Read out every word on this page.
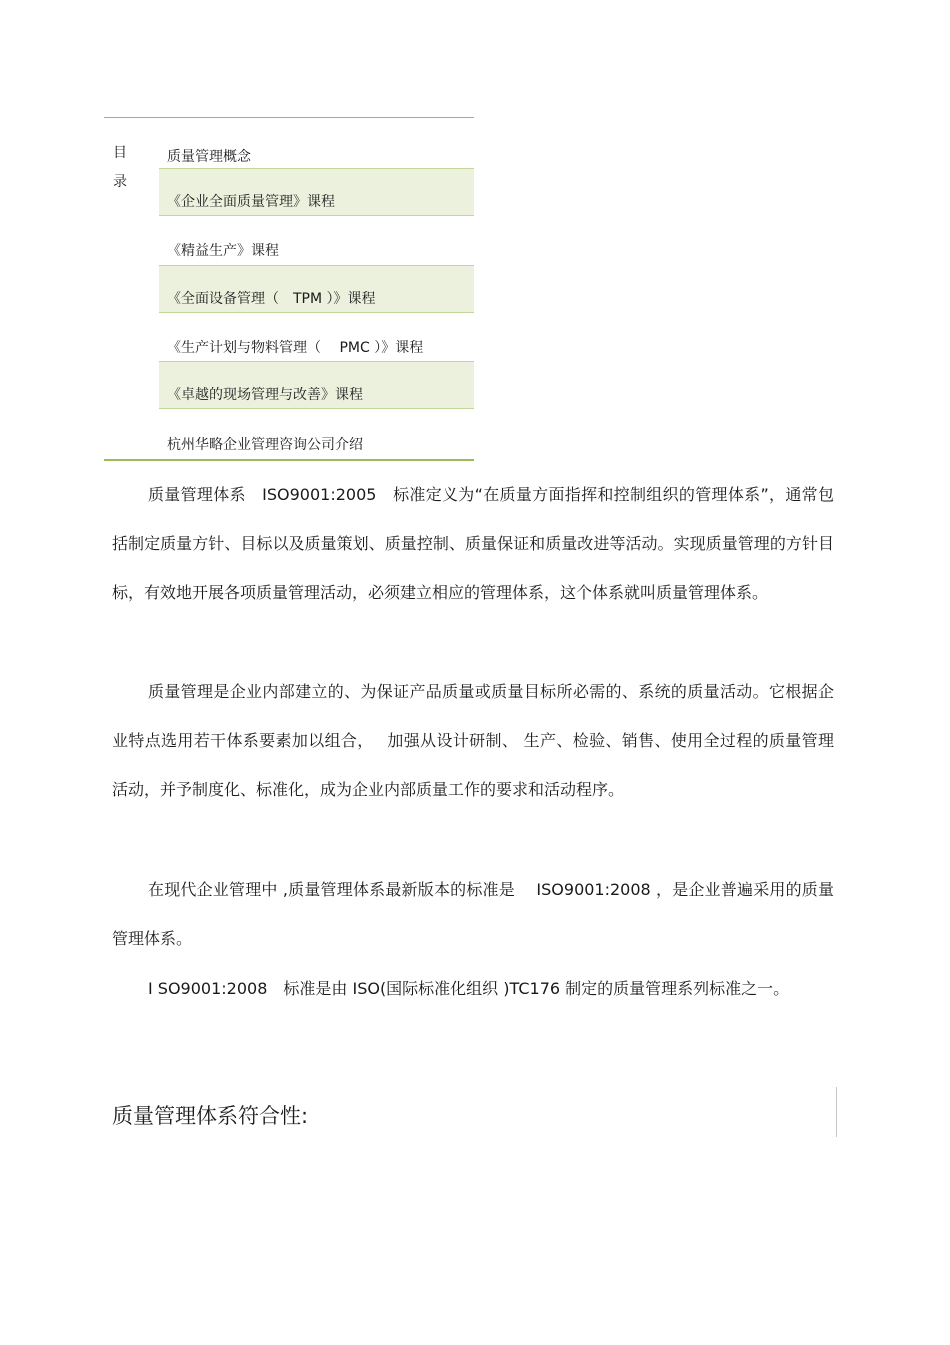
目
录
质量管理概念
《企业全面质量管理》课程
《精益生产》课程
《全面设备管理（　TPM ）》课程
《生产计划与物料管理（　 PMC ）》课程
《卓越的现场管理与改善》课程
杭州华略企业管理咨询公司介绍

质量管理体系　ISO9001:2005　标准定义为“在质量方面指挥和控制组织的管理体系”，通常包括制定质量方针、目标以及质量策划、质量控制、质量保证和质量改进等活动。实现质量管理的方针目标，有效地开展各项质量管理活动，必须建立相应的管理体系，这个体系就叫质量管理体系。

质量管理是企业内部建立的、为保证产品质量或质量目标所必需的、系统的质量活动。它根据企业特点选用若干体系要素加以组合，　 加强从设计研制、 生产、检验、销售、使用全过程的质量管理活动，并予制度化、标准化，成为企业内部质量工作的要求和活动程序。

在现代企业管理中 ,质量管理体系最新版本的标准是　 ISO9001:2008 ，是企业普遍采用的质量管理体系。

I SO9001:2008　标准是由 ISO(国际标准化组织 )TC176 制定的质量管理系列标准之一。

质量管理体系符合性:
